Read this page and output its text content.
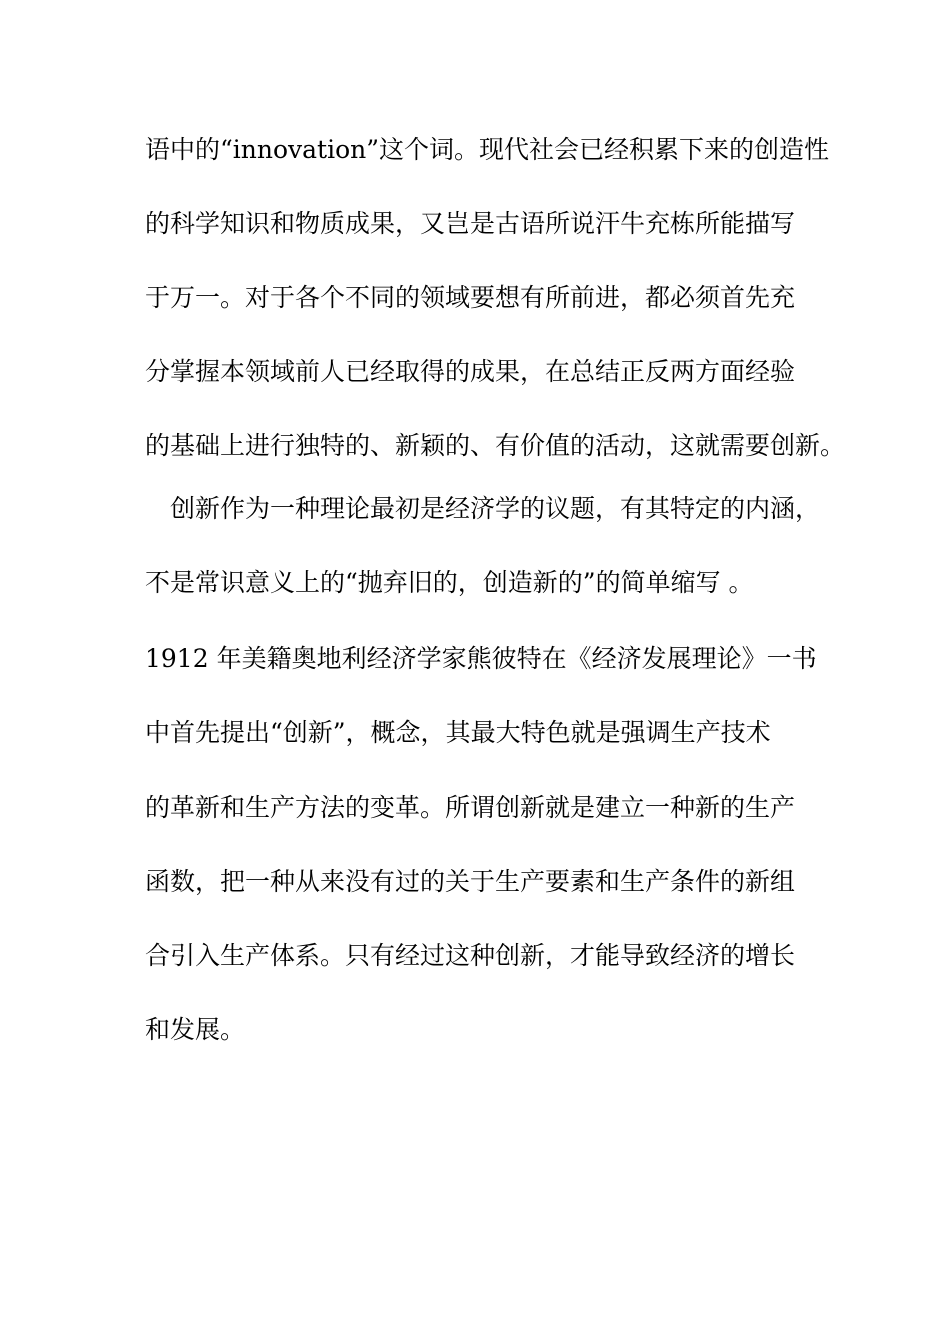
语中的“innovation”这个词。现代社会已经积累下来的创造性
的科学知识和物质成果，又岂是古语所说汗牛充栋所能描写
于万一。对于各个不同的领域要想有所前进，都必须首先充
分掌握本领域前人已经取得的成果，在总结正反两方面经验
的基础上进行独特的、新颖的、有价值的活动，这就需要创新。
　创新作为一种理论最初是经济学的议题，有其特定的内涵，
不是常识意义上的“抛弃旧的，创造新的”的简单缩写 。
1912 年美籍奥地利经济学家熊彼特在《经济发展理论》一书
中首先提出“创新”，概念，其最大特色就是强调生产技术
的革新和生产方法的变革。所谓创新就是建立一种新的生产
函数，把一种从来没有过的关于生产要素和生产条件的新组
合引入生产体系。只有经过这种创新，才能导致经济的增长
和发展。
